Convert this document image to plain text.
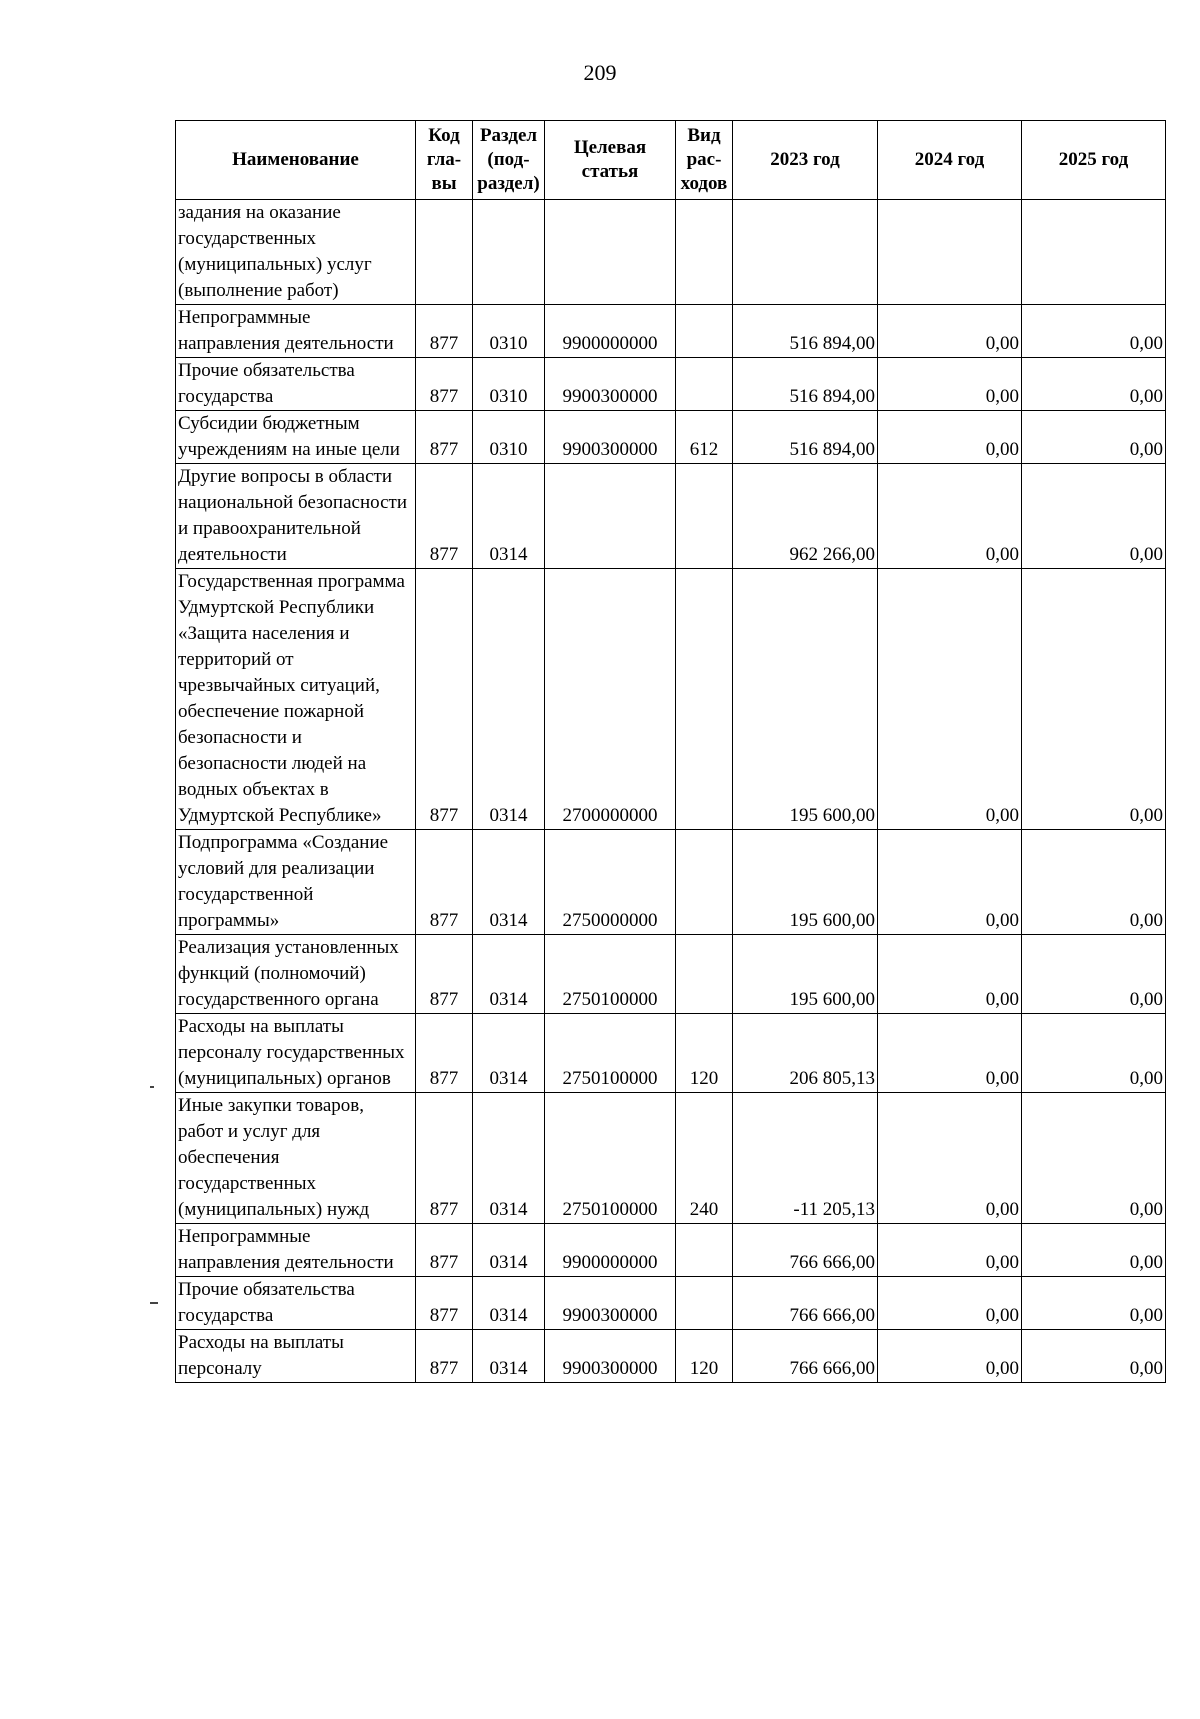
209
Наименование	Код гла-вы	Раздел (под-раздел)	Целевая статья	Вид рас-ходов	2023 год	2024 год	2025 год
задания на оказание государственных (муниципальных) услуг (выполнение работ)							
Непрограммные направления деятельности	877	0310	9900000000		516 894,00	0,00	0,00
Прочие обязательства государства	877	0310	9900300000		516 894,00	0,00	0,00
Субсидии бюджетным учреждениям на иные цели	877	0310	9900300000	612	516 894,00	0,00	0,00
Другие вопросы в области национальной безопасности и правоохранительной деятельности	877	0314			962 266,00	0,00	0,00
Государственная программа Удмуртской Республики «Защита населения и территорий от чрезвычайных ситуаций, обеспечение пожарной безопасности и безопасности людей на водных объектах в Удмуртской Республике»	877	0314	2700000000		195 600,00	0,00	0,00
Подпрограмма «Создание условий для реализации государственной программы»	877	0314	2750000000		195 600,00	0,00	0,00
Реализация установленных функций (полномочий) государственного органа	877	0314	2750100000		195 600,00	0,00	0,00
Расходы на выплаты персоналу государственных (муниципальных) органов	877	0314	2750100000	120	206 805,13	0,00	0,00
Иные закупки товаров, работ и услуг для обеспечения государственных (муниципальных) нужд	877	0314	2750100000	240	-11 205,13	0,00	0,00
Непрограммные направления деятельности	877	0314	9900000000		766 666,00	0,00	0,00
Прочие обязательства государства	877	0314	9900300000		766 666,00	0,00	0,00
Расходы на выплаты персоналу	877	0314	9900300000	120	766 666,00	0,00	0,00
